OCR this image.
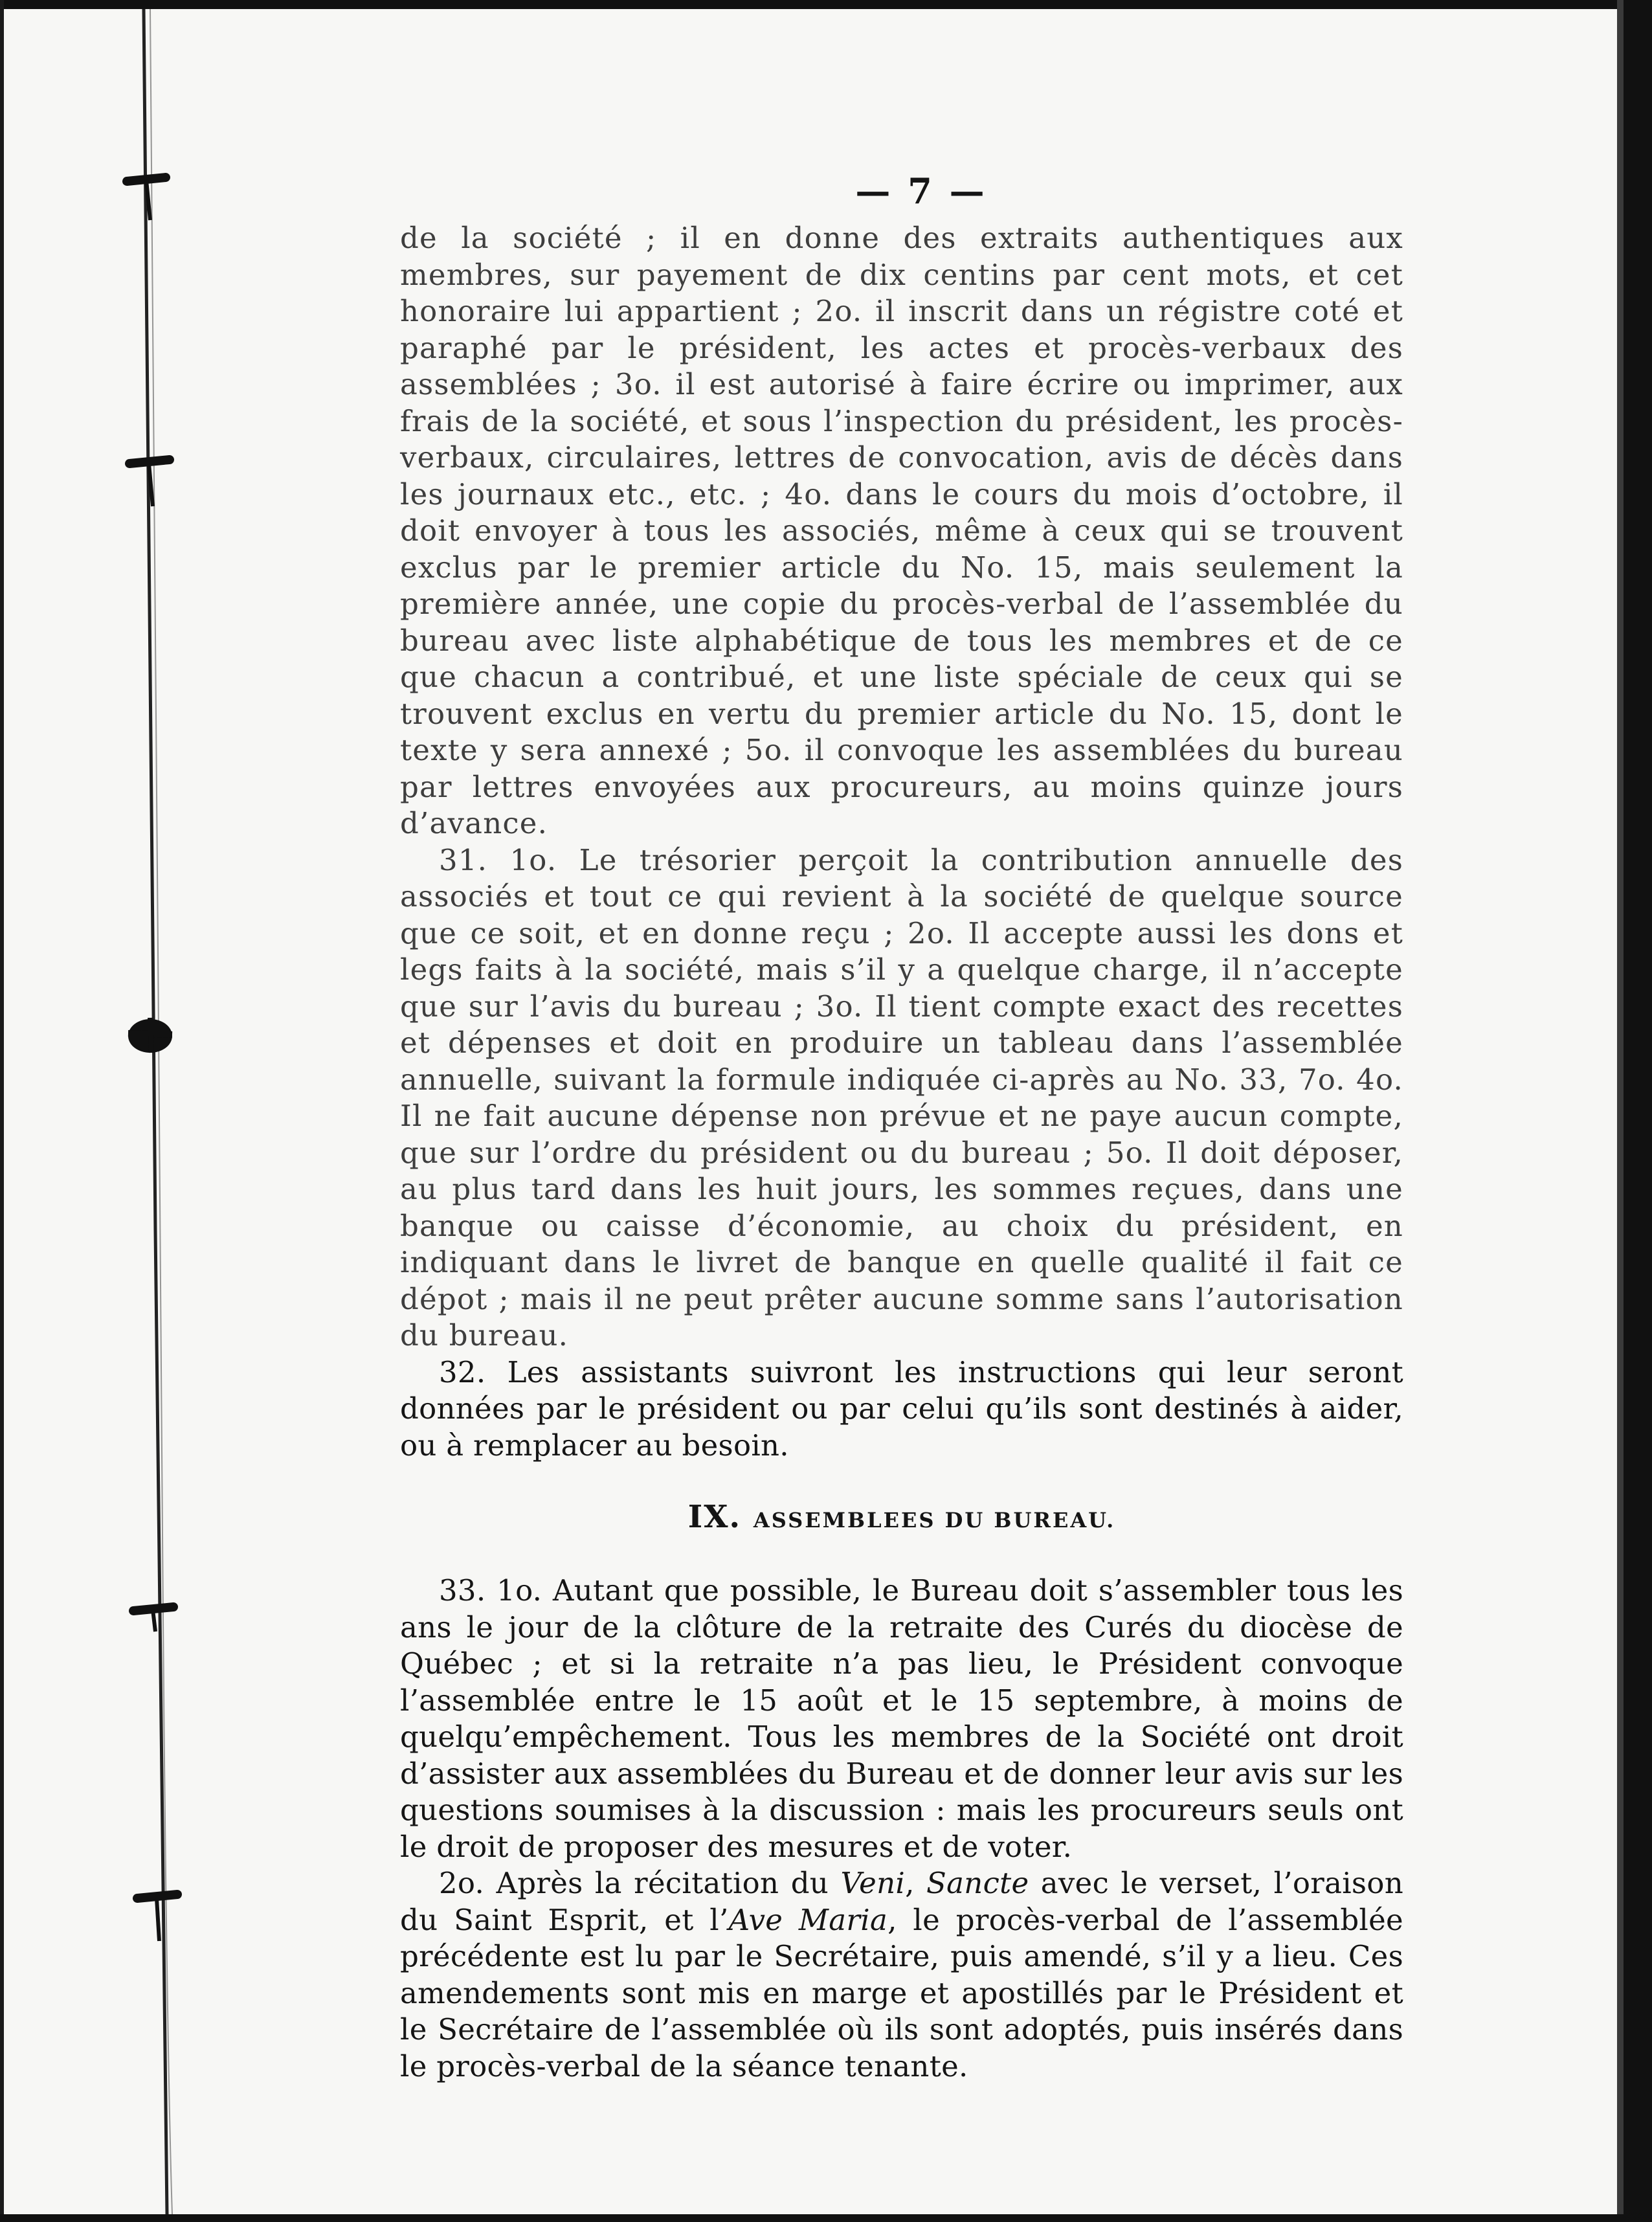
— 7 —

de la société ; il en donne des extraits authentiques aux membres, sur payement de dix centins par cent mots, et cet honoraire lui appartient ; 2o. il inscrit dans un régistre coté et paraphé par le président, les actes et procès-verbaux des assemblées ; 3o. il est autorisé à faire écrire ou imprimer, aux frais de la société, et sous l’inspection du président, les procès-verbaux, circulaires, lettres de convocation, avis de décès dans les journaux etc., etc. ; 4o. dans le cours du mois d’octobre, il doit envoyer à tous les associés, même à ceux qui se trouvent exclus par le premier article du No. 15, mais seulement la première année, une copie du procès-verbal de l’assemblée du bureau avec liste alphabétique de tous les membres et de ce que chacun a contribué, et une liste spéciale de ceux qui se trouvent exclus en vertu du premier article du No. 15, dont le texte y sera annexé ; 5o. il convoque les assemblées du bureau par lettres envoyées aux procureurs, au moins quinze jours d’avance.

31. 1o. Le trésorier perçoit la contribution annuelle des associés et tout ce qui revient à la société de quelque source que ce soit, et en donne reçu ; 2o. Il accepte aussi les dons et legs faits à la société, mais s’il y a quelque charge, il n’accepte que sur l’avis du bureau ; 3o. Il tient compte exact des recettes et dépenses et doit en produire un tableau dans l’assemblée annuelle, suivant la formule indiquée ci-après au No. 33, 7o. 4o. Il ne fait aucune dépense non prévue et ne paye aucun compte, que sur l’ordre du président ou du bureau ; 5o. Il doit déposer, au plus tard dans les huit jours, les sommes reçues, dans une banque ou caisse d’économie, au choix du président, en indiquant dans le livret de banque en quelle qualité il fait ce dépot ; mais il ne peut prêter aucune somme sans l’autorisation du bureau.

32. Les assistants suivront les instructions qui leur seront données par le président ou par celui qu’ils sont destinés à aider, ou à remplacer au besoin.

IX. ASSEMBLEES DU BUREAU.

33. 1o. Autant que possible, le Bureau doit s’assembler tous les ans le jour de la clôture de la retraite des Curés du diocèse de Québec ; et si la retraite n’a pas lieu, le Président convoque l’assemblée entre le 15 août et le 15 septembre, à moins de quelqu’empêchement. Tous les membres de la Société ont droit d’assister aux assemblées du Bureau et de donner leur avis sur les questions soumises à la discussion : mais les procureurs seuls ont le droit de proposer des mesures et de voter.

2o. Après la récitation du Veni, Sancte avec le verset, l’oraison du Saint Esprit, et l’Ave Maria, le procès-verbal de l’assemblée précédente est lu par le Secrétaire, puis amendé, s’il y a lieu. Ces amendements sont mis en marge et apostillés par le Président et le Secrétaire de l’assemblée où ils sont adoptés, puis insérés dans le procès-verbal de la séance tenante.
